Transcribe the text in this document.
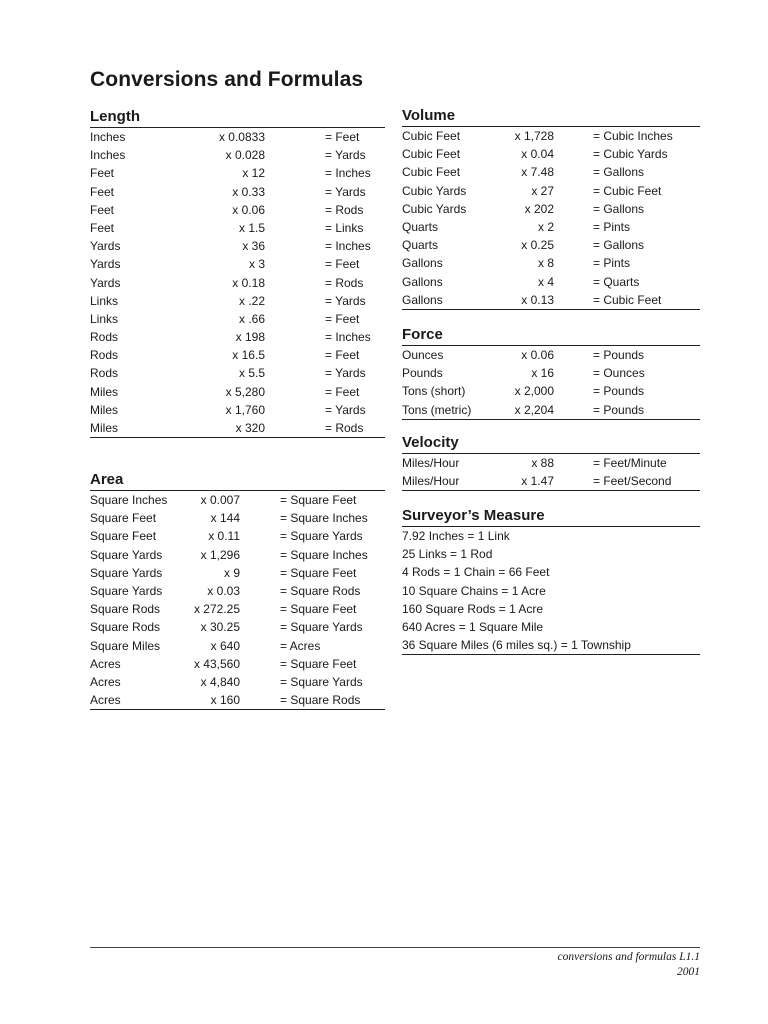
Conversions and Formulas
Length
Inches	x 0.0833	= Feet
Inches	x 0.028	= Yards
Feet	x 12	= Inches
Feet	x 0.33	= Yards
Feet	x 0.06	= Rods
Feet	x 1.5	= Links
Yards	x 36	= Inches
Yards	x 3	= Feet
Yards	x 0.18	= Rods
Links	x .22	= Yards
Links	x .66	= Feet
Rods	x 198	= Inches
Rods	x 16.5	= Feet
Rods	x 5.5	= Yards
Miles	x 5,280	= Feet
Miles	x 1,760	= Yards
Miles	x 320	= Rods
Area
Square Inches	x 0.007	= Square Feet
Square Feet	x 144	= Square Inches
Square Feet	x 0.11	= Square Yards
Square Yards	x 1,296	= Square Inches
Square Yards	x 9	= Square Feet
Square Yards	x 0.03	= Square Rods
Square Rods	x 272.25	= Square Feet
Square Rods	x 30.25	= Square Yards
Square Miles	x 640	= Acres
Acres	x 43,560	= Square Feet
Acres	x 4,840	= Square Yards
Acres	x 160	= Square Rods
Volume
Cubic Feet	x 1,728	= Cubic Inches
Cubic Feet	x 0.04	= Cubic Yards
Cubic Feet	x 7.48	= Gallons
Cubic Yards	x 27	= Cubic Feet
Cubic Yards	x 202	= Gallons
Quarts	x 2	= Pints
Quarts	x 0.25	= Gallons
Gallons	x 8	= Pints
Gallons	x 4	= Quarts
Gallons	x 0.13	= Cubic Feet
Force
Ounces	x 0.06	= Pounds
Pounds	x 16	= Ounces
Tons (short)	x 2,000	= Pounds
Tons (metric)	x 2,204	= Pounds
Velocity
Miles/Hour	x 88	= Feet/Minute
Miles/Hour	x 1.47	= Feet/Second
Surveyor’s Measure
7.92 Inches = 1 Link
25 Links = 1 Rod
4 Rods = 1 Chain = 66 Feet
10 Square Chains = 1 Acre
160 Square Rods = 1 Acre
640 Acres = 1 Square Mile
36 Square Miles (6 miles sq.) = 1 Township
conversions and formulas L1.1
2001
